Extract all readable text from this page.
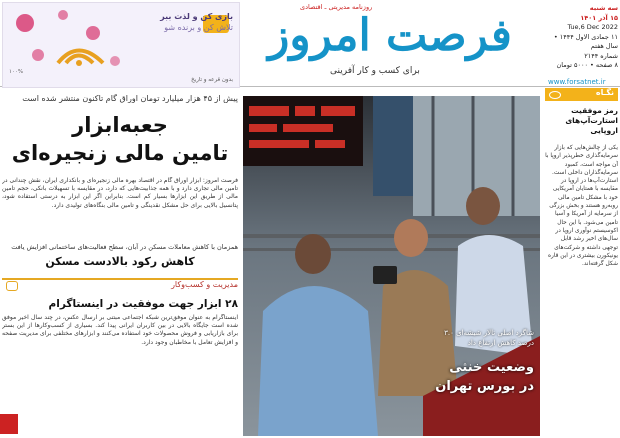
بازی کن و لذت ببر
تلاش کن و برنده شو
۱۰۰%
بدون قرعه و تاریخ
روزنامه مدیریتی ـ اقتصادی
فرصت امروز
برای کسب و کار آفرینی
سه شنبه
۱۵ آذر ۱۴۰۱
Tue,6 Dec 2022
۱۱ جمادی الاول ۱۴۴۴ • سال هفتم
شماره ۲۱۴۴
۸ صفحه • ۵۰۰۰ تومان
www.forsatnet.ir
پیش از ۴۵ هزار میلیارد تومان اوراق گام تاکنون منتشر شده است
جعبه‌ابزار
تامین مالی زنجیره‌ای
فرصت امروز: ابزار اوراق گام در اقتصاد بهره مالی زنجیره‌ای و بانکداری ایران، نقش چندانی در تامین مالی تجاری دارد و با همه جذابیت‌هایی که دارد، در مقایسه با تسهیلات بانکی، حجم تامین مالی از طریق این ابزارها بسیار کم است. بنابراین اگر این ابزار به درستی استفاده شود، پتانسیل بالایی برای حل مشکل نقدینگی و تامین مالی بنگاه‌های تولیدی دارد.
همزمان با کاهش معاملات مسکن در آبان، سطح فعالیت‌های ساختمانی افزایش یافت
کاهش رکود بالادست مسکن
مدیریت و کسب‌وکار
۲۸ ابزار جهت موفقیت در اینستاگرام
اینستاگرام به عنوان موفق‌ترین شبکه اجتماعی مبتنی بر ارسال عکس، در چند سال اخیر موفق شده است جایگاه بالایی در بین کاربران ایرانی پیدا کند. بسیاری از کسب‌وکارها از این بستر برای بازاریابی و فروش محصولات خود استفاده می‌کنند و ابزارهای مختلفی برای مدیریت صفحه و افزایش تعامل با مخاطبان وجود دارد.
شاگرد اصلی تالار شیشه‌ای ۳.۰ درصد کاهش ارتفاع داد
وضعیت خنثی
در بورس تهران
نگـاه
رمز موفقیت استارت‌آپ‌های اروپایی
یکی از چالش‌هایی که بازار سرمایه‌گذاری خطرپذیر اروپا با آن مواجه است، کمبود سرمایه‌گذاران داخلی است. استارت‌آپ‌ها در اروپا در مقایسه با همتایان آمریکایی خود با مشکل تامین مالی روبه‌رو هستند و بخش بزرگی از سرمایه از آمریکا و آسیا تامین می‌شود. با این حال اکوسیستم نوآوری اروپا در سال‌های اخیر رشد قابل توجهی داشته و شرکت‌های یونیکورن بیشتری در این قاره شکل گرفته‌اند.
